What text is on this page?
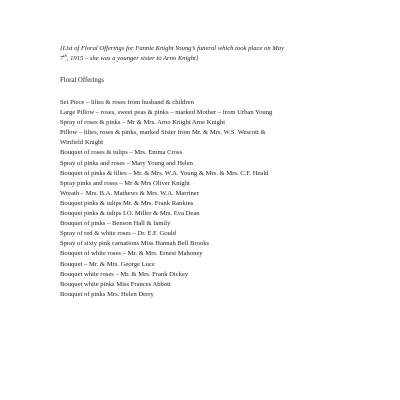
[List of Floral Offerings for Fannie Knight Young’s funeral which took place on May
7th, 1915 – she was a younger sister to Arno Knight]

Floral Offerings

Set Piece – lilies & roses from husband & children
Large Pillow – roses, sweet peas & pinks – marked Mother – from Urban Young
Spray of roses & pinks – Mr & Mrs. Arno Knight Arne Knight
Pillow – lilies, roses & pinks, marked Sister from Mr. & Mrs. W.S. Wescott &
Winfield Knight
Bouquet of roses & tulips – Mrs. Emma Cross
Spray of pinks and roses – Mary Young and Helen
Bouquet of pinks & lilies – Mr. & Mrs. W.A. Young & Mrs. & Mrs. C.F. Heald
Spray pinks and roses – Mr & Mrs Oliver Knight
Wreath – Mrs. B.A. Mathews & Mrs. W.A. Marriner
Bouquet pinks & tulips Mr. & Mrs. Frank Rankins
Bouquet pinks & tulips I.O. Miller & Mrs. Eva Dean
Bouquet of pinks – Benson Hall & family
Spray of red & white roses – Dr. E.F. Gould
Spray of sixty pink carnations Miss Hannah Bell Brooks
Bouquet of white roses – Mr. & Mrs. Ernest Mahoney
Bouquet – Mr. & Mrs. George Luce
Bouquet white roses – Mr. & Mrs. Frank Dickey
Bouquet white pinks Miss Frances Abbott
Bouquet of pinks Mrs. Helen Derry
